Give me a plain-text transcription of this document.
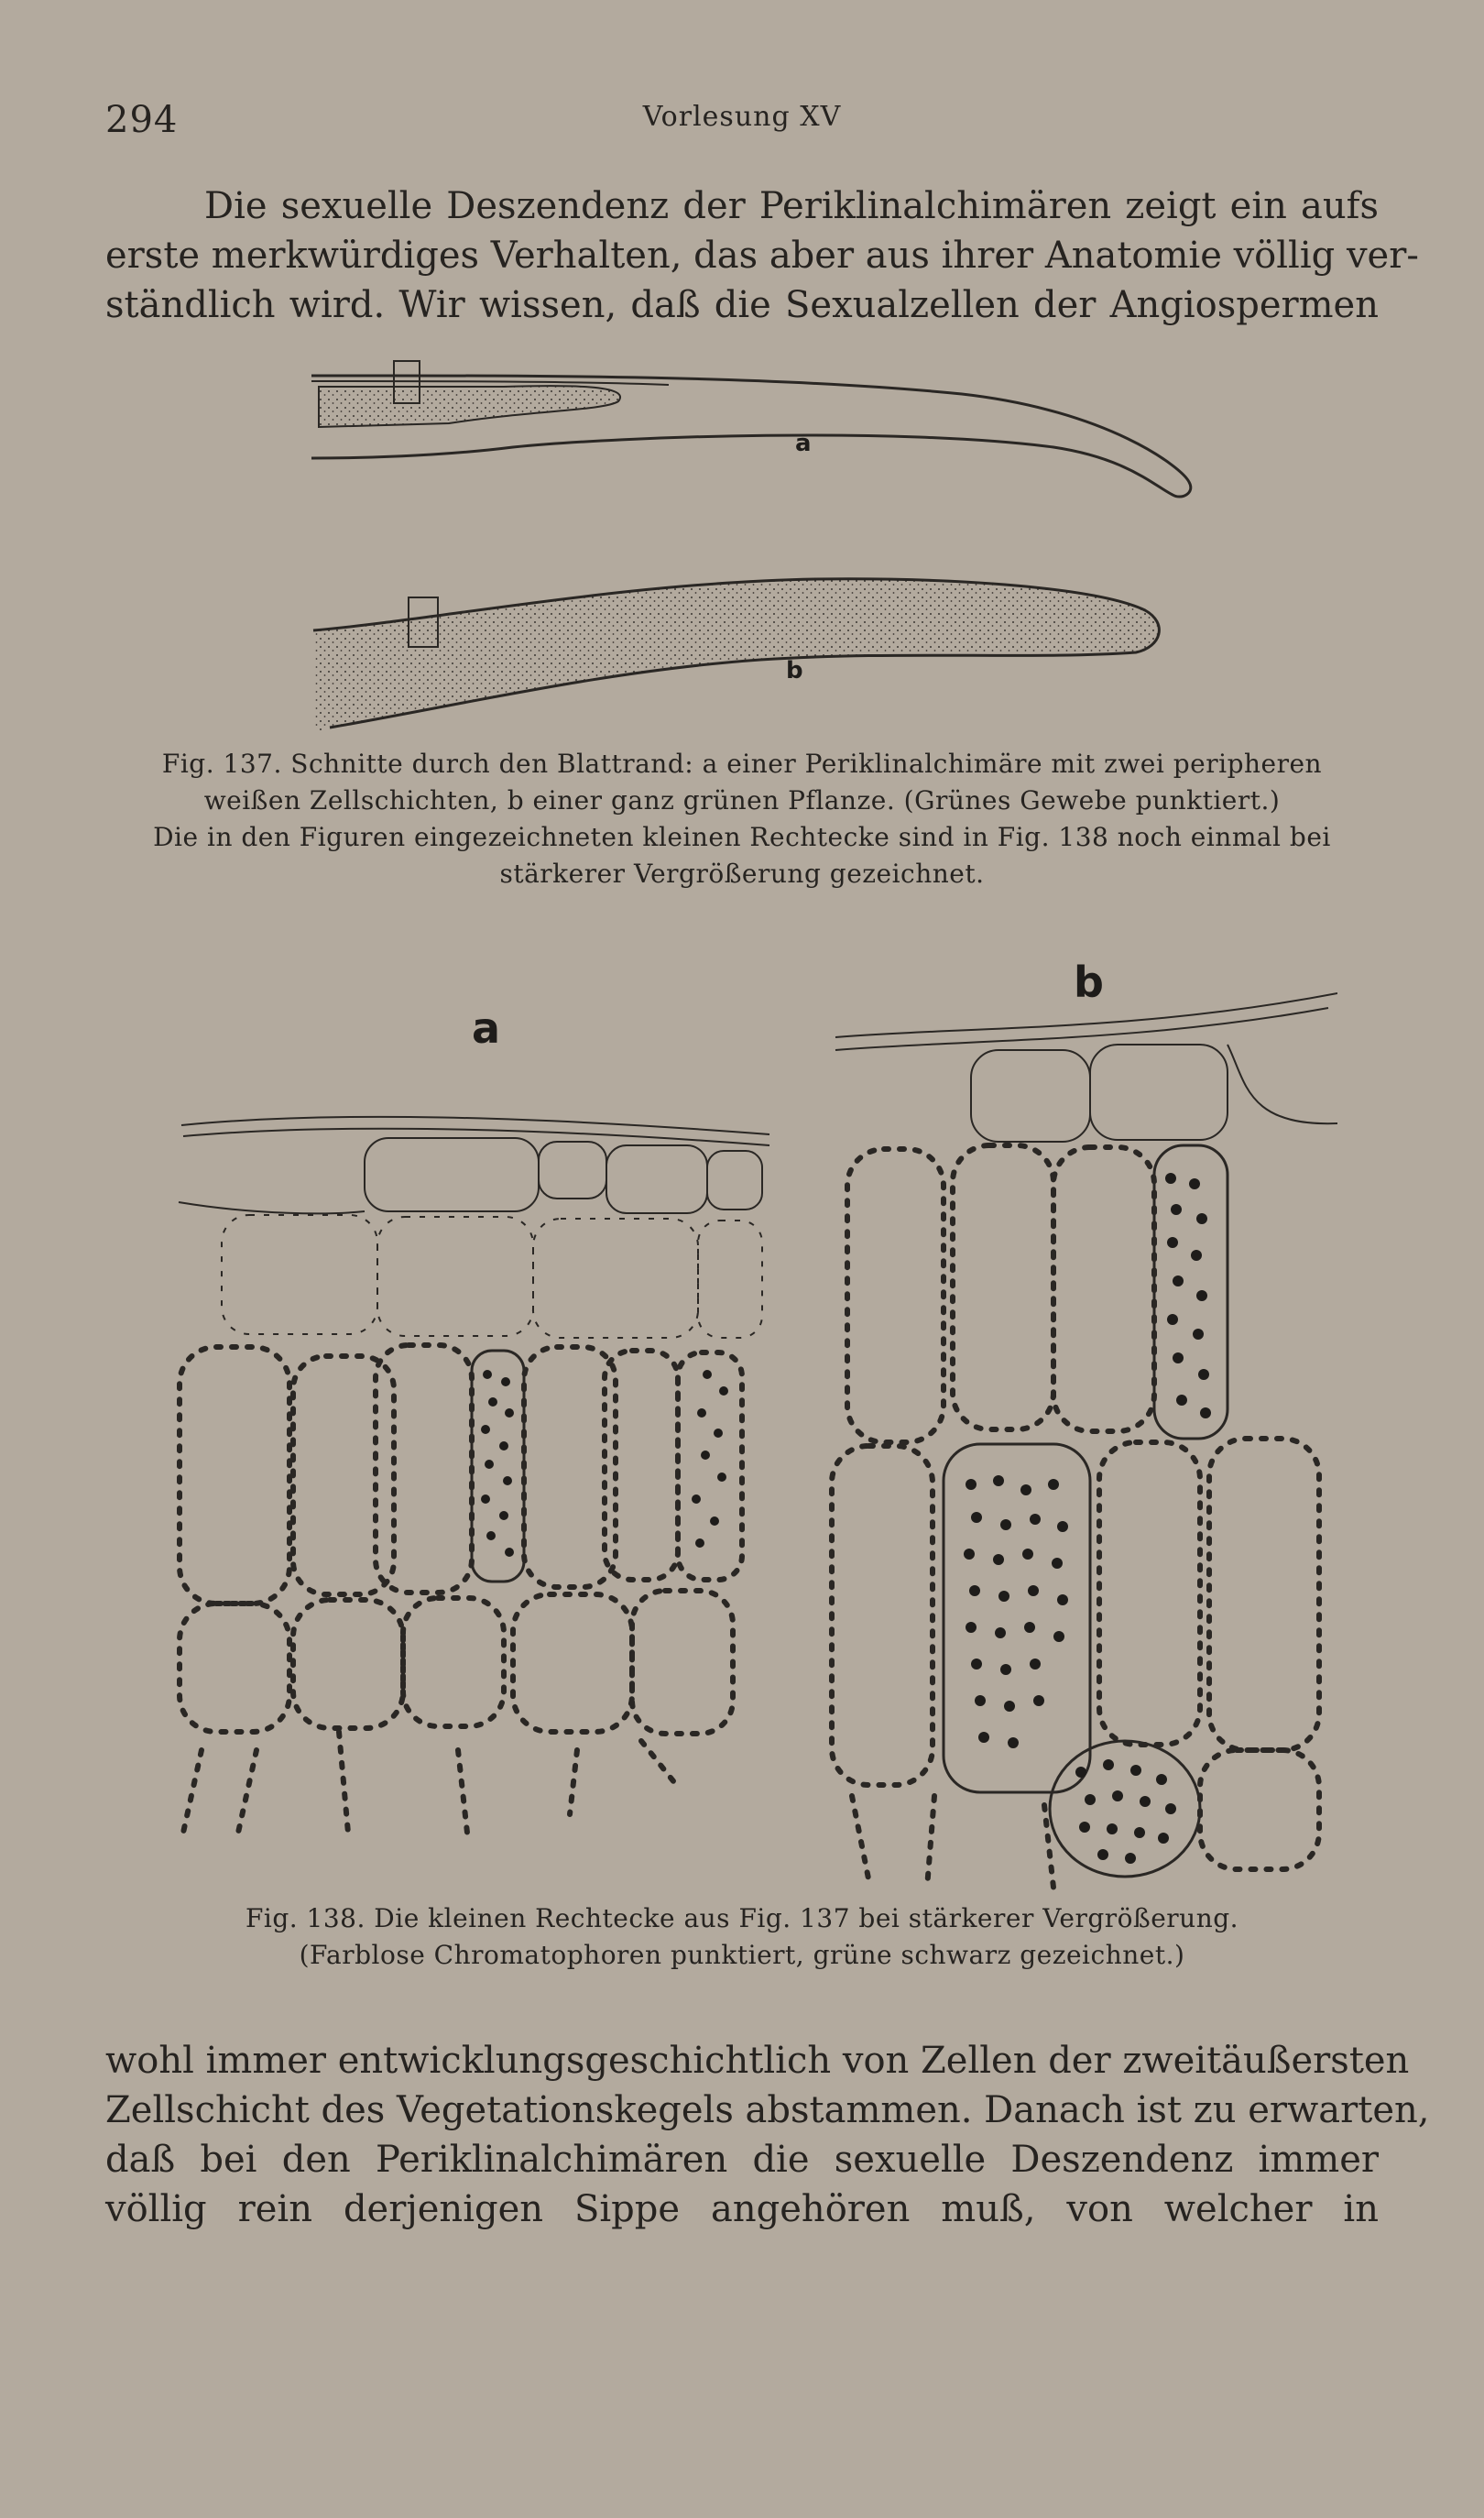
294	Vorlesung XV
Die sexuelle Deszendenz der Periklinalchimären zeigt ein aufs
erste merkwürdiges Verhalten, das aber aus ihrer Anatomie völlig ver-
ständlich wird. Wir wissen, daß die Sexualzellen der Angiospermen
a
b
Fig. 137. Schnitte durch den Blattrand: a einer Periklinalchimäre mit zwei peripheren
weißen Zellschichten, b einer ganz grünen Pflanze. (Grünes Gewebe punktiert.)
Die in den Figuren eingezeichneten kleinen Rechtecke sind in Fig. 138 noch einmal bei
stärkerer Vergrößerung gezeichnet.
a
b
Fig. 138. Die kleinen Rechtecke aus Fig. 137 bei stärkerer Vergrößerung.
(Farblose Chromatophoren punktiert, grüne schwarz gezeichnet.)
wohl immer entwicklungsgeschichtlich von Zellen der zweitäußersten
Zellschicht des Vegetationskegels abstammen. Danach ist zu erwarten,
daß bei den Periklinalchimären die sexuelle Deszendenz immer
völlig rein derjenigen Sippe angehören muß, von welcher in
